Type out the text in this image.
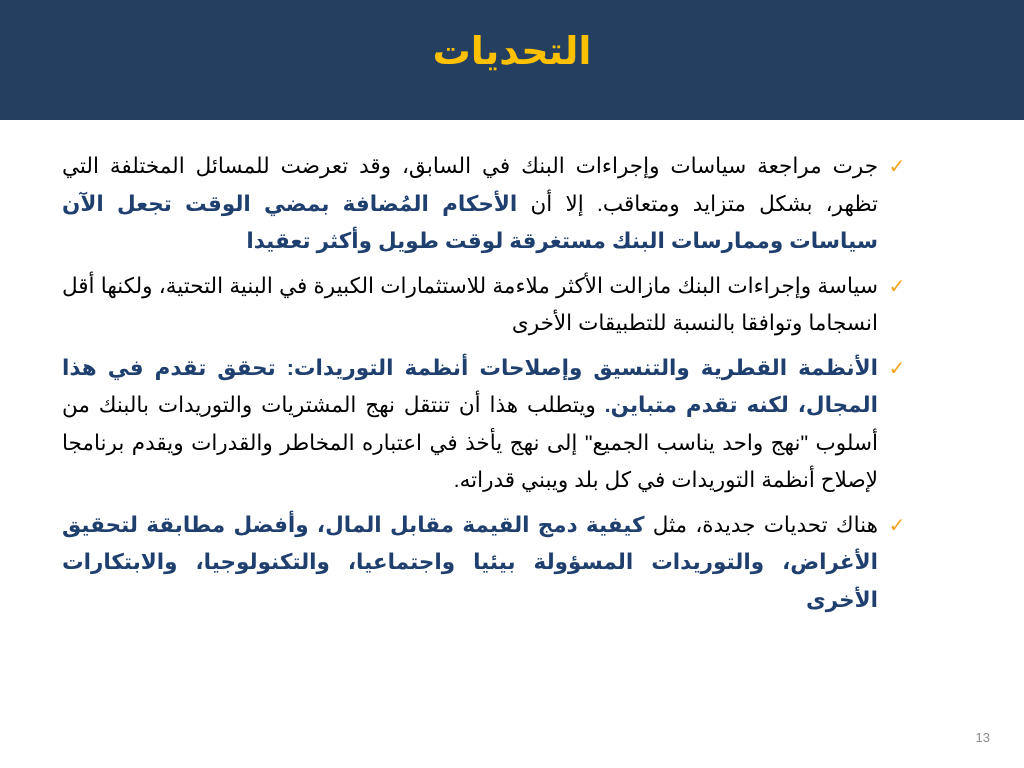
التحديات
✓
جرت مراجعة سياسات وإجراءات البنك في السابق، وقد تعرضت للمسائل المختلفة التي تظهر، بشكل متزايد ومتعاقب. إلا أن الأحكام المُضافة بمضي الوقت تجعل الآن سياسات وممارسات البنك مستغرقة لوقت طويل وأكثر تعقيدا
✓
سياسة وإجراءات البنك مازالت الأكثر ملاءمة للاستثمارات الكبيرة في البنية التحتية، ولكنها أقل انسجاما وتوافقا بالنسبة للتطبيقات الأخرى
✓
الأنظمة القطرية والتنسيق وإصلاحات أنظمة التوريدات: تحقق تقدم في هذا المجال، لكنه تقدم متباين. ويتطلب هذا أن تنتقل نهج المشتريات والتوريدات بالبنك من أسلوب "نهج واحد يناسب الجميع" إلى نهج يأخذ في اعتباره المخاطر والقدرات ويقدم برنامجا لإصلاح أنظمة التوريدات في كل بلد ويبني قدراته.
✓
هناك تحديات جديدة، مثل كيفية دمج القيمة مقابل المال، وأفضل مطابقة لتحقيق الأغراض، والتوريدات المسؤولة بيئيا واجتماعيا، والتكنولوجيا، والابتكارات الأخرى
13
